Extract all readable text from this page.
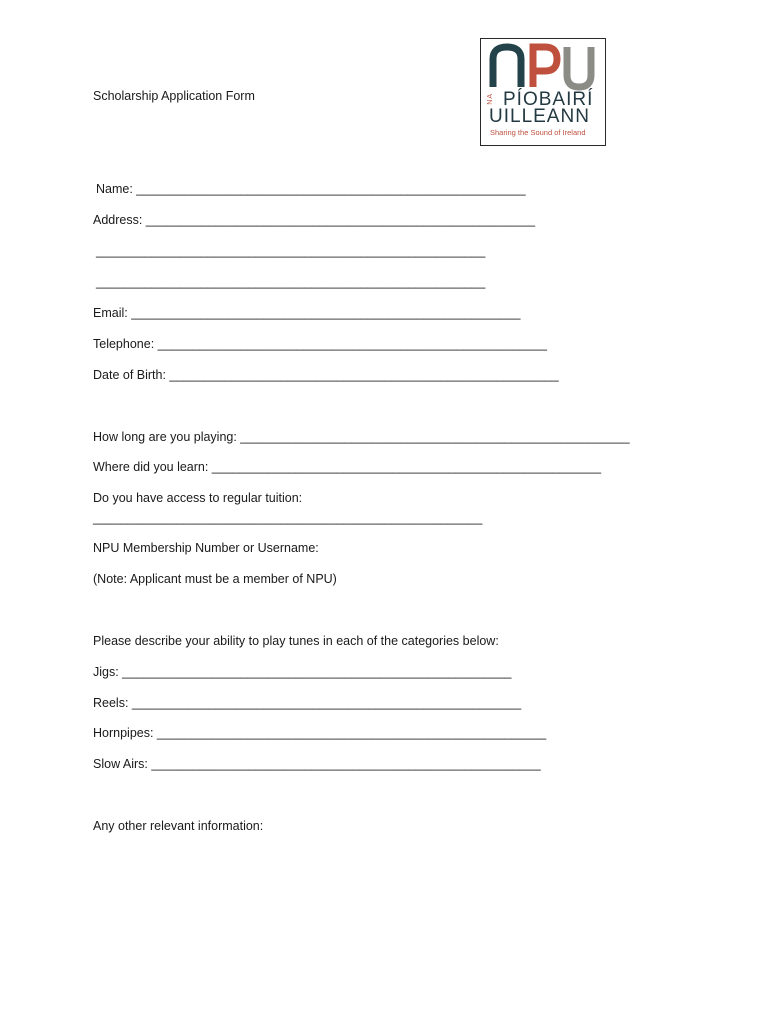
Scholarship Application Form	NA PÍOBAIRÍ
UILLEANN
Sharing the Sound of Ireland
Name: ________________________________________________________
Address: ________________________________________________________
________________________________________________________
________________________________________________________
Email: ________________________________________________________
Telephone: ________________________________________________________
Date of Birth: ________________________________________________________
How long are you playing: ________________________________________________________
Where did you learn: ________________________________________________________
Do you have access to regular tuition:
________________________________________________________
NPU Membership Number or Username:
(Note: Applicant must be a member of NPU)
Please describe your ability to play tunes in each of the categories below:
Jigs: ________________________________________________________
Reels: ________________________________________________________
Hornpipes: ________________________________________________________
Slow Airs: ________________________________________________________
Any other relevant information:
